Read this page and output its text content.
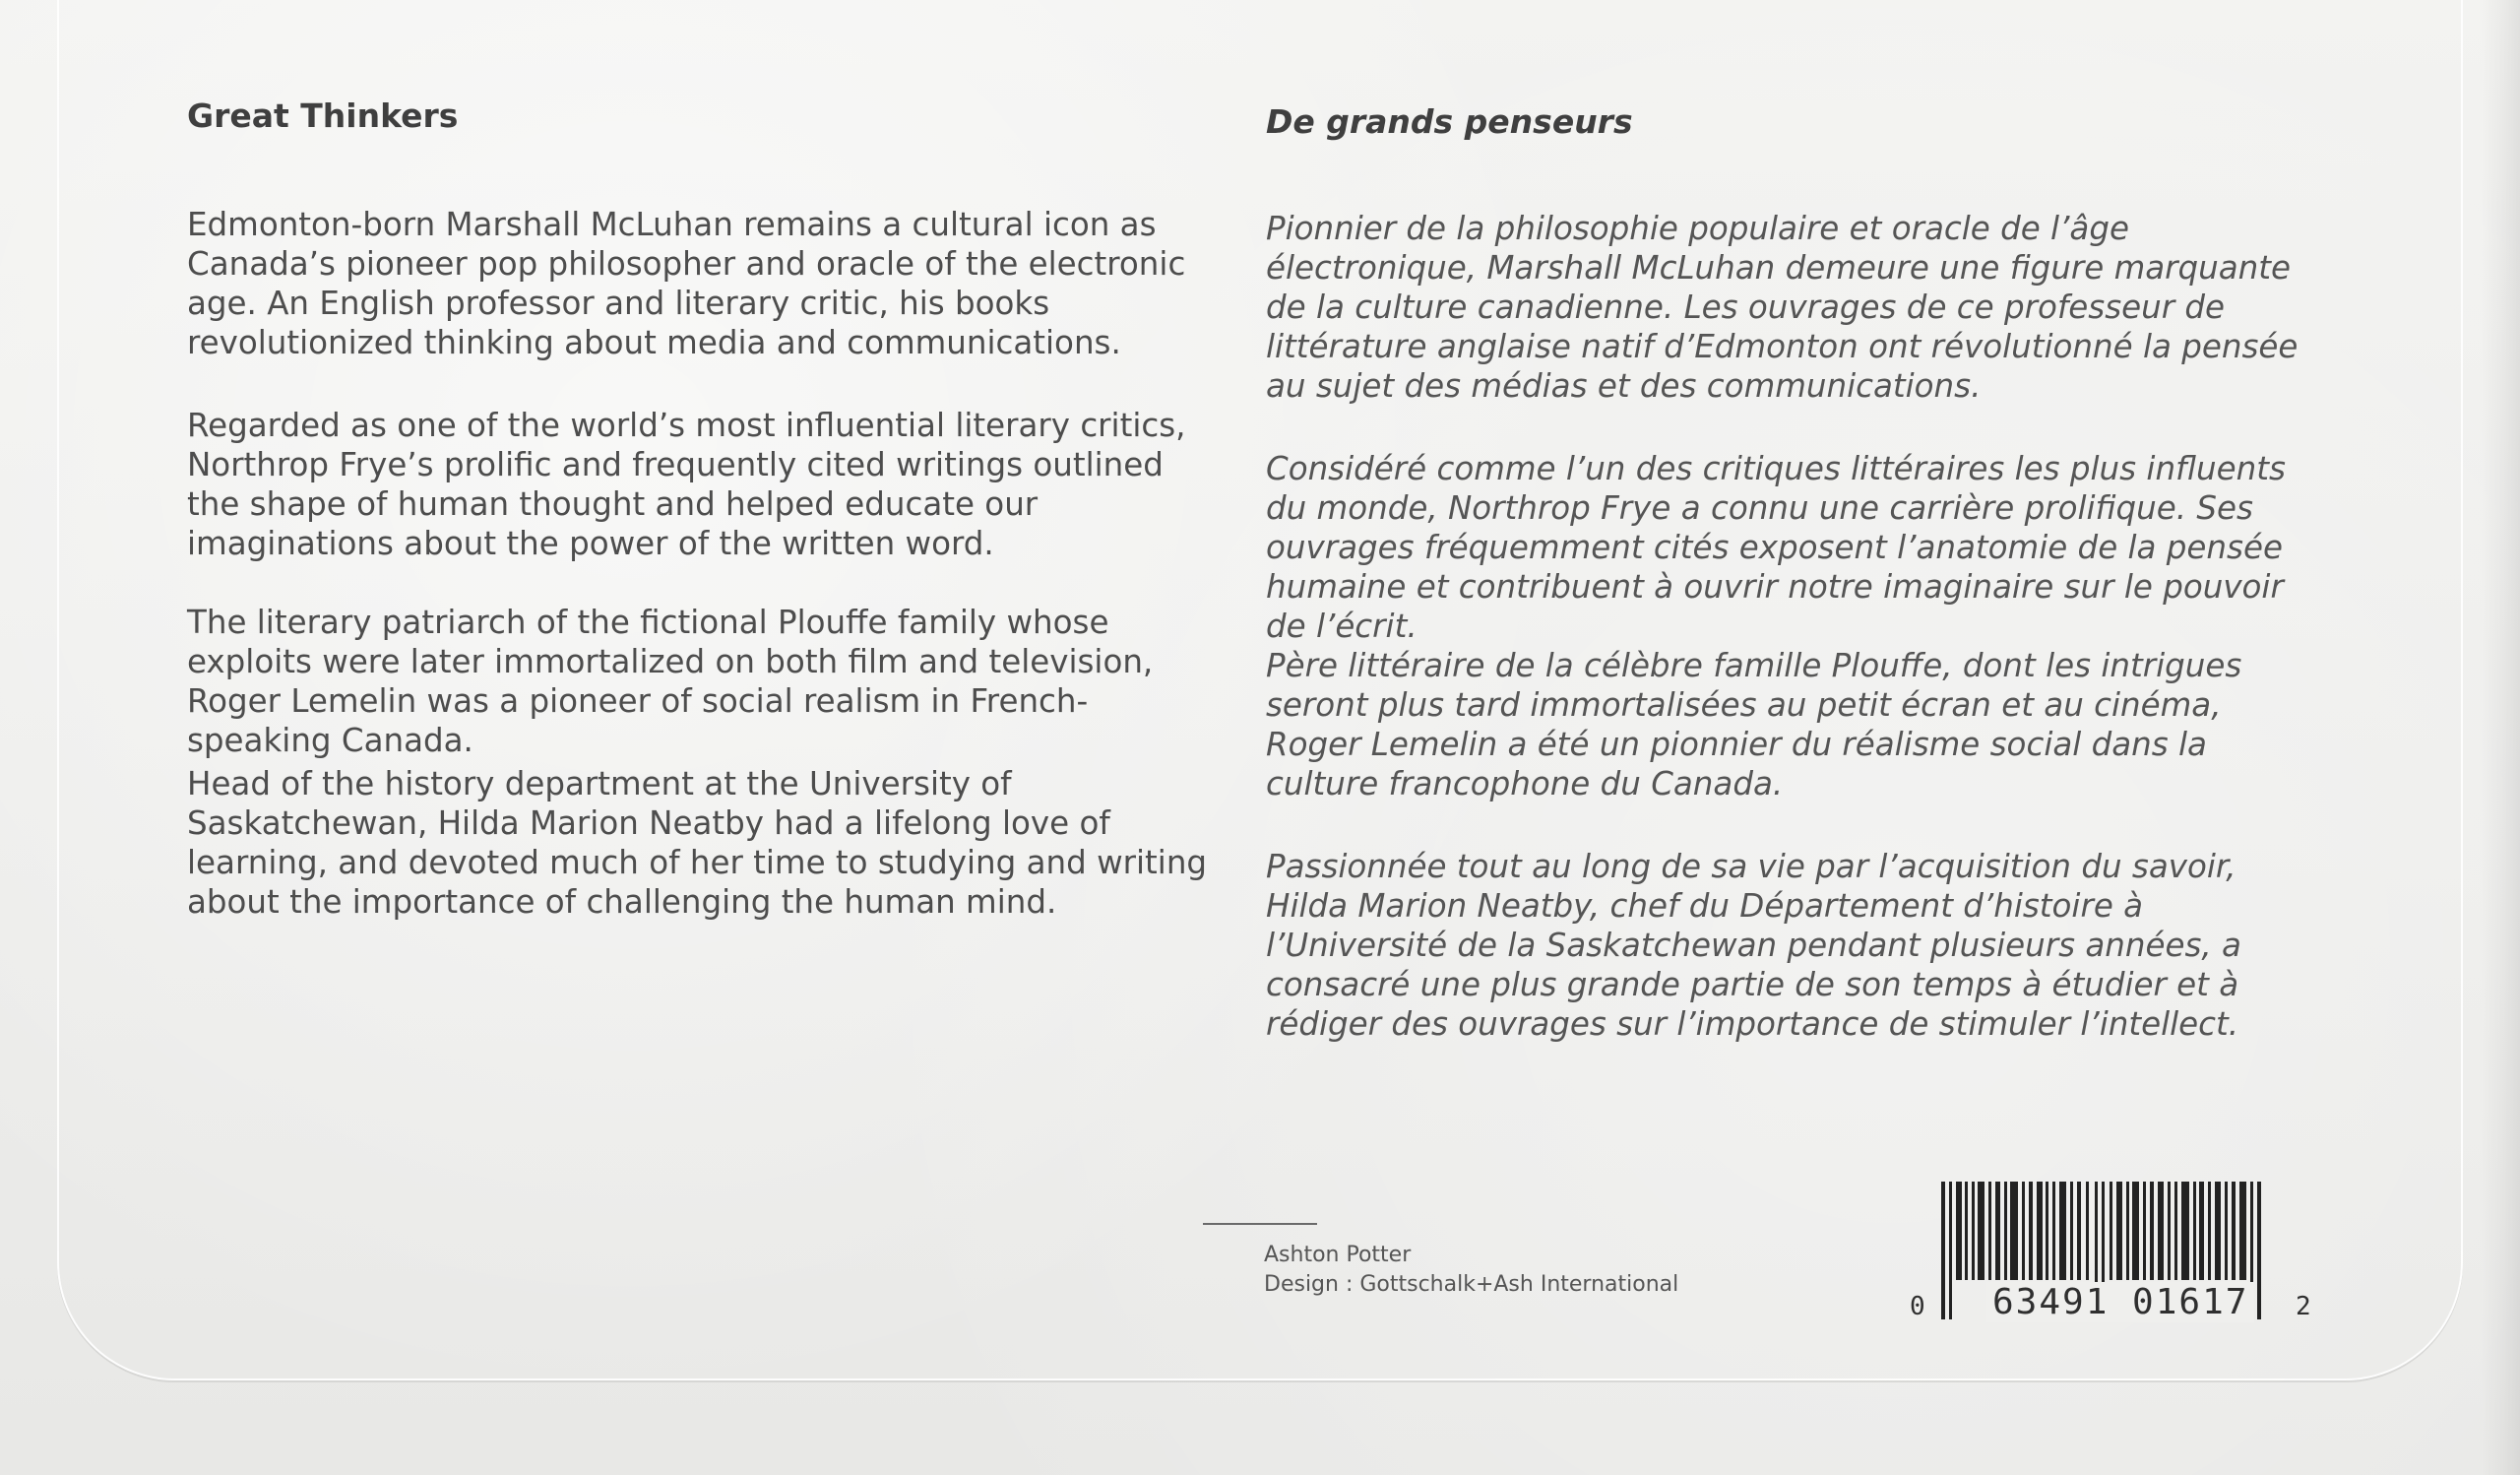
Great Thinkers

Edmonton-born Marshall McLuhan remains a cultural icon as Canada’s pioneer pop philosopher and oracle of the electronic age. An English professor and literary critic, his books revolutionized thinking about media and communications.

Regarded as one of the world’s most influential literary critics, Northrop Frye’s prolific and frequently cited writings outlined the shape of human thought and helped educate our imaginations about the power of the written word.

The literary patriarch of the fictional Plouffe family whose exploits were later immortalized on both film and television, Roger Lemelin was a pioneer of social realism in French-speaking Canada.

Head of the history department at the University of Saskatchewan, Hilda Marion Neatby had a lifelong love of learning, and devoted much of her time to studying and writing about the importance of challenging the human mind.

De grands penseurs

Pionnier de la philosophie populaire et oracle de l’âge électronique, Marshall McLuhan demeure une figure marquante de la culture canadienne. Les ouvrages de ce professeur de littérature anglaise natif d’Edmonton ont révolutionné la pensée au sujet des médias et des communications.

Considéré comme l’un des critiques littéraires les plus influents du monde, Northrop Frye a connu une carrière prolifique. Ses ouvrages fréquemment cités exposent l’anatomie de la pensée humaine et contribuent à ouvrir notre imaginaire sur le pouvoir de l’écrit.

Père littéraire de la célèbre famille Plouffe, dont les intrigues seront plus tard immortalisées au petit écran et au cinéma, Roger Lemelin a été un pionnier du réalisme social dans la culture francophone du Canada.

Passionnée tout au long de sa vie par l’acquisition du savoir, Hilda Marion Neatby, chef du Département d’histoire à l’Université de la Saskatchewan pendant plusieurs années, a consacré une plus grande partie de son temps à étudier et à rédiger des ouvrages sur l’importance de stimuler l’intellect.

Ashton Potter
Design : Gottschalk+Ash International
0 63491 01617 2
